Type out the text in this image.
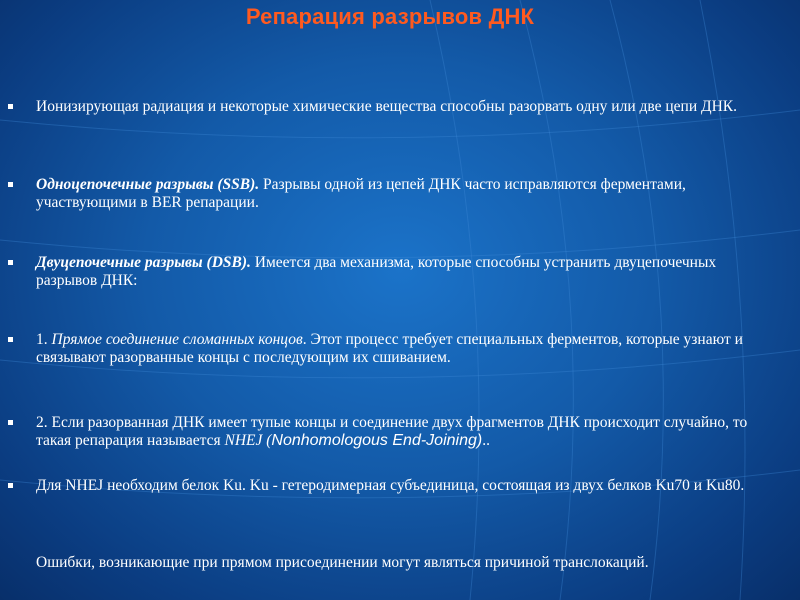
Репарация разрывов ДНК
Ионизирующая радиация и некоторые химические вещества способны разорвать одну или две цепи ДНК.
Одноцепочечные разрывы (SSB). Разрывы одной из цепей ДНК часто исправляются ферментами, участвующими в BER репарации.
Двуцепочечные разрывы (DSB). Имеется два механизма, которые способны устранить двуцепочечных разрывов ДНК:
1. Прямое соединение сломанных концов. Этот процесс требует специальных ферментов, которые узнают и связывают разорванные концы с последующим их сшиванием.
2. Если разорванная ДНК имеет тупые концы и соединение двух фрагментов ДНК происходит случайно, то такая репарация называется NHEJ (Nonhomologous End-Joining)..
Для NHEJ необходим белок Ku. Ku - гетеродимерная субъединица, состоящая из двух белков Ku70 и Ku80.
Ошибки, возникающие при прямом присоединении могут являться причиной транслокаций.
